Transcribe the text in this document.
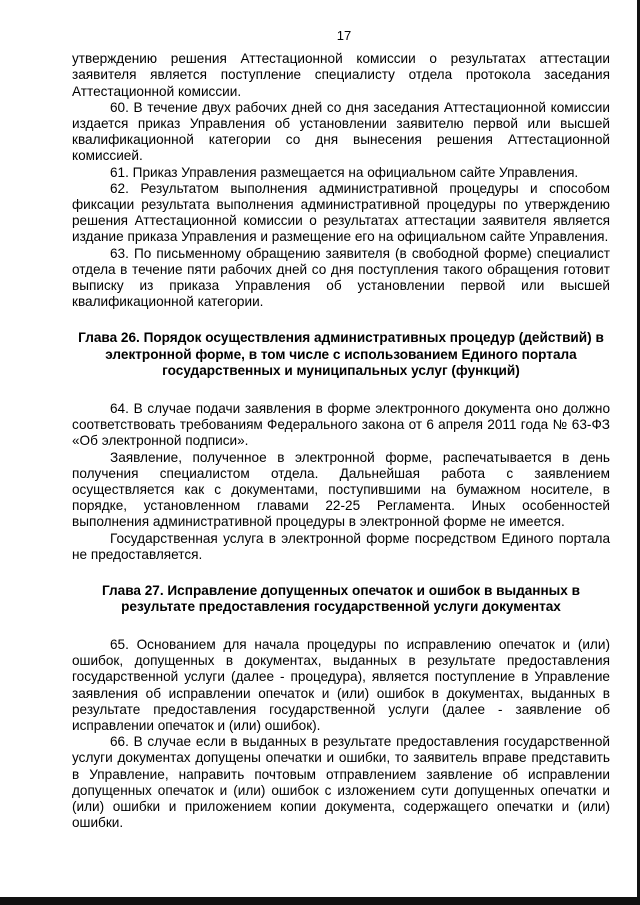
17

утверждению решения Аттестационной комиссии о результатах аттестации заявителя является поступление специалисту отдела протокола заседания Аттестационной комиссии.

60. В течение двух рабочих дней со дня заседания Аттестационной комиссии издается приказ Управления об установлении заявителю первой или высшей квалификационной категории со дня вынесения решения Аттестационной комиссией.

61. Приказ Управления размещается на официальном сайте Управления.

62. Результатом выполнения административной процедуры и способом фиксации результата выполнения административной процедуры по утверждению решения Аттестационной комиссии о результатах аттестации заявителя является издание приказа Управления и размещение его на официальном сайте Управления.

63. По письменному обращению заявителя (в свободной форме) специалист отдела в течение пяти рабочих дней со дня поступления такого обращения готовит выписку из приказа Управления об установлении первой или высшей квалификационной категории.

Глава 26. Порядок осуществления административных процедур (действий) в электронной форме, в том числе с использованием Единого портала государственных и муниципальных услуг (функций)

64. В случае подачи заявления в форме электронного документа оно должно соответствовать требованиям Федерального закона от 6 апреля 2011 года № 63-ФЗ «Об электронной подписи».

Заявление, полученное в электронной форме, распечатывается в день получения специалистом отдела. Дальнейшая работа с заявлением осуществляется как с документами, поступившими на бумажном носителе, в порядке, установленном главами 22-25 Регламента. Иных особенностей выполнения административной процедуры в электронной форме не имеется.

Государственная услуга в электронной форме посредством Единого портала не предоставляется.

Глава 27. Исправление допущенных опечаток и ошибок в выданных в результате предоставления государственной услуги документах

65. Основанием для начала процедуры по исправлению опечаток и (или) ошибок, допущенных в документах, выданных в результате предоставления государственной услуги (далее - процедура), является поступление в Управление заявления об исправлении опечаток и (или) ошибок в документах, выданных в результате предоставления государственной услуги (далее - заявление об исправлении опечаток и (или) ошибок).

66. В случае если в выданных в результате предоставления государственной услуги документах допущены опечатки и ошибки, то заявитель вправе представить в Управление, направить почтовым отправлением заявление об исправлении допущенных опечаток и (или) ошибок с изложением сути допущенных опечатки и (или) ошибки и приложением копии документа, содержащего опечатки и (или) ошибки.
